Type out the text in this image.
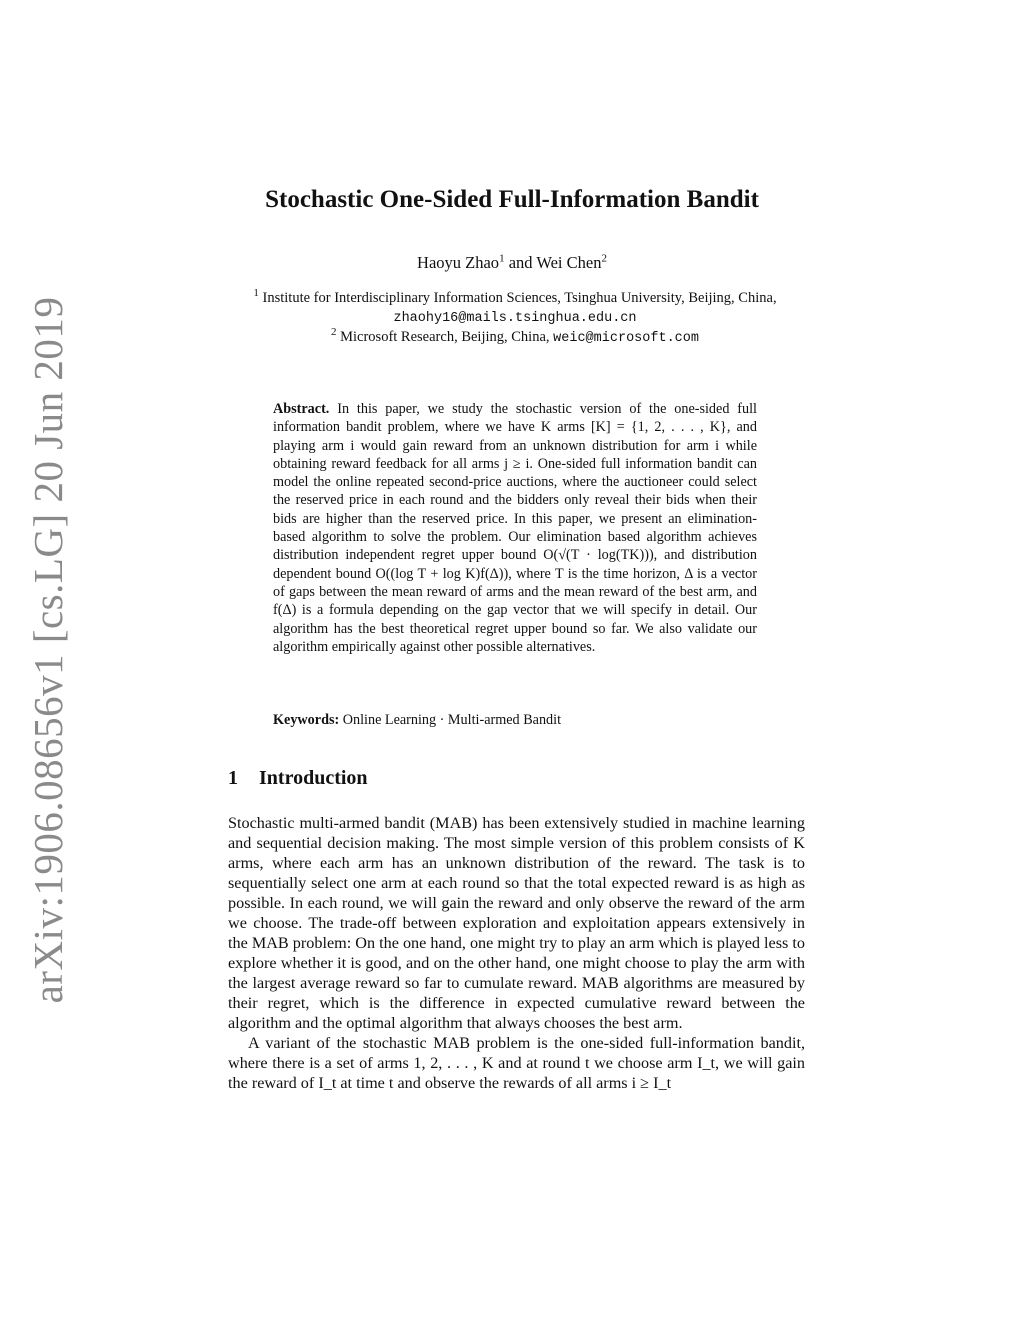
arXiv:1906.08656v1 [cs.LG] 20 Jun 2019
Stochastic One-Sided Full-Information Bandit
Haoyu Zhao$^1$ and Wei Chen$^2$
$^1$ Institute for Interdisciplinary Information Sciences, Tsinghua University, Beijing, China, zhaohy16@mails.tsinghua.edu.cn
$^2$ Microsoft Research, Beijing, China, weic@microsoft.com
Abstract. In this paper, we study the stochastic version of the one-sided full information bandit problem, where we have K arms [K] = {1, 2, . . . , K}, and playing arm i would gain reward from an unknown distribution for arm i while obtaining reward feedback for all arms j ≥ i. One-sided full information bandit can model the online repeated second-price auctions, where the auctioneer could select the reserved price in each round and the bidders only reveal their bids when their bids are higher than the reserved price. In this paper, we present an elimination-based algorithm to solve the problem. Our elimination based algorithm achieves distribution independent regret upper bound O(√(T · log(TK))), and distribution dependent bound O((log T + log K)f(Δ)), where T is the time horizon, Δ is a vector of gaps between the mean reward of arms and the mean reward of the best arm, and f(Δ) is a formula depending on the gap vector that we will specify in detail. Our algorithm has the best theoretical regret upper bound so far. We also validate our algorithm empirically against other possible alternatives.
Keywords: Online Learning · Multi-armed Bandit
1 Introduction

Stochastic multi-armed bandit (MAB) has been extensively studied in machine learning and sequential decision making. The most simple version of this problem consists of K arms, where each arm has an unknown distribution of the reward. The task is to sequentially select one arm at each round so that the total expected reward is as high as possible. In each round, we will gain the reward and only observe the reward of the arm we choose. The trade-off between exploration and exploitation appears extensively in the MAB problem: On the one hand, one might try to play an arm which is played less to explore whether it is good, and on the other hand, one might choose to play the arm with the largest average reward so far to cumulate reward. MAB algorithms are measured by their regret, which is the difference in expected cumulative reward between the algorithm and the optimal algorithm that always chooses the best arm.

A variant of the stochastic MAB problem is the one-sided full-information bandit, where there is a set of arms 1, 2, . . . , K and at round t we choose arm I_t, we will gain the reward of I_t at time t and observe the rewards of all arms i ≥ I_t
